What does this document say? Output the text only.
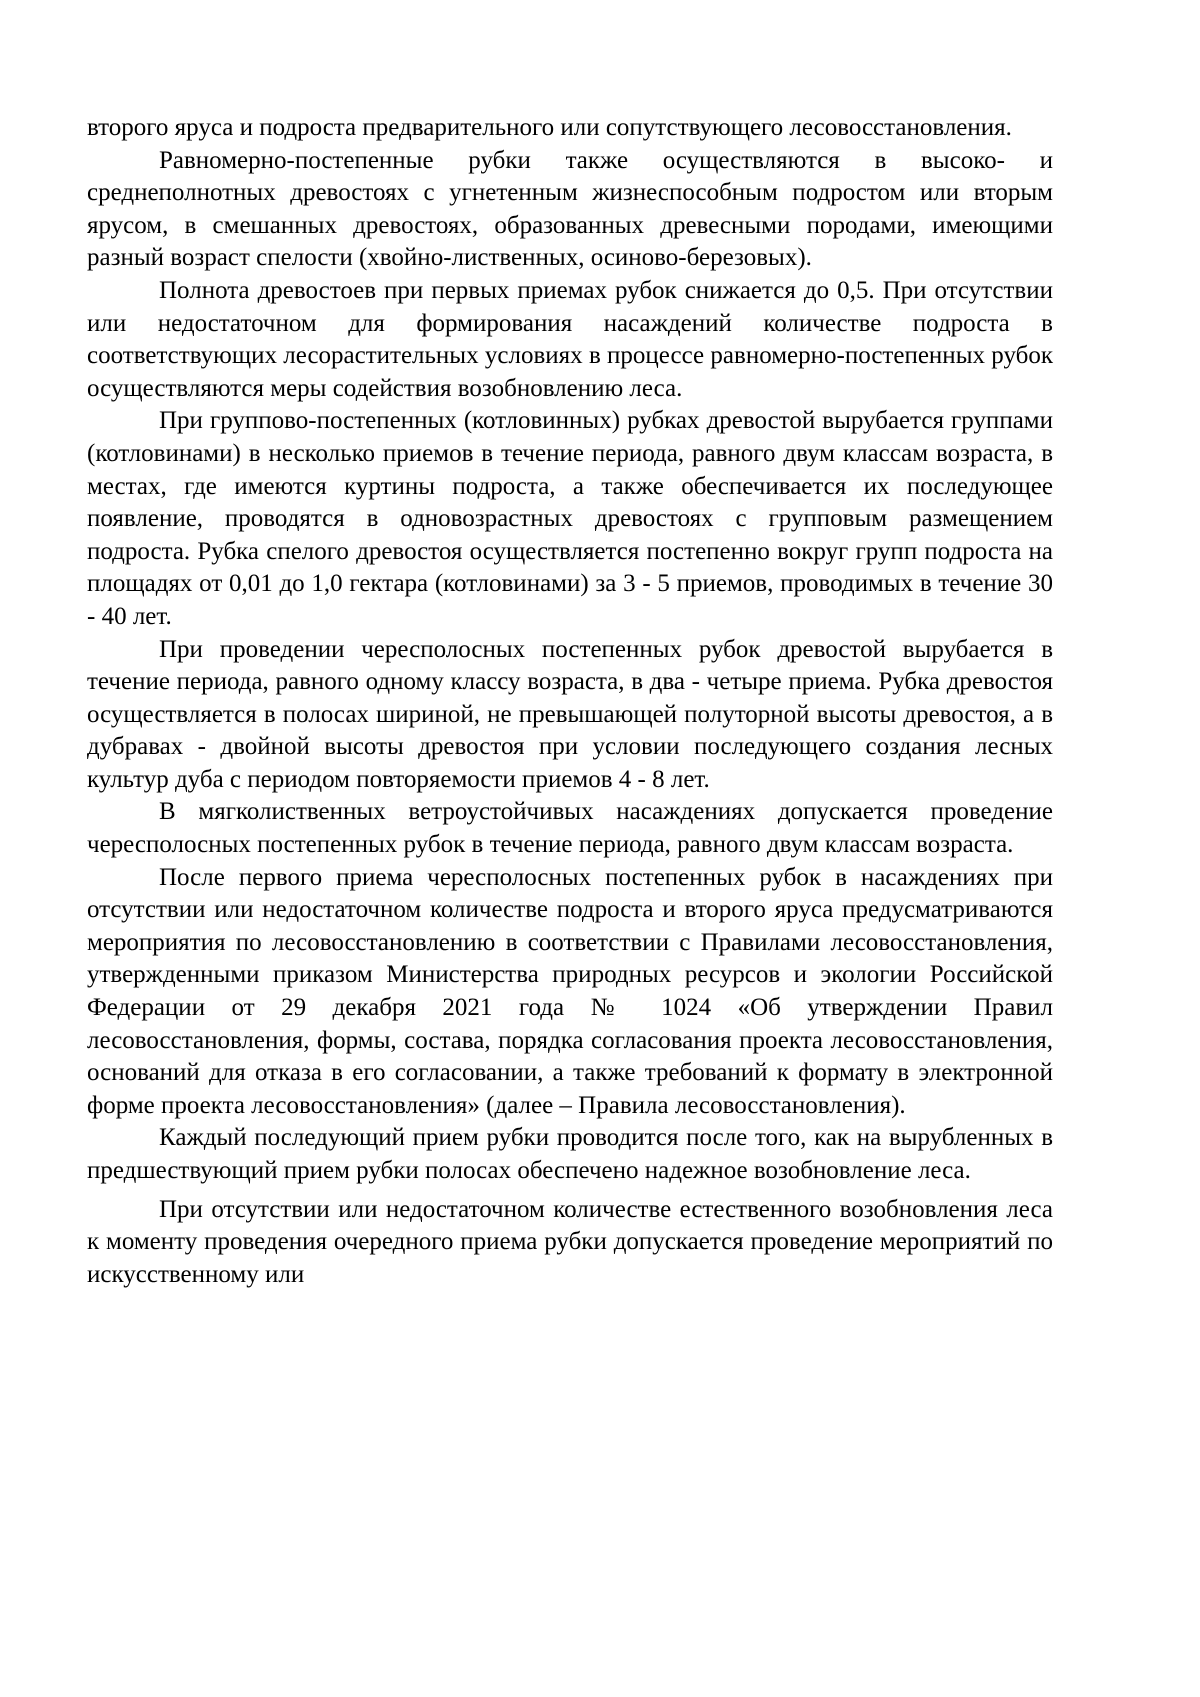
второго яруса и подроста предварительного или сопутствующего лесовосстановления.

Равномерно-постепенные рубки также осуществляются в высоко- и среднеполнотных древостоях с угнетенным жизнеспособным подростом или вторым ярусом, в смешанных древостоях, образованных древесными породами, имеющими разный возраст спелости (хвойно-лиственных, осиново-березовых).

Полнота древостоев при первых приемах рубок снижается до 0,5. При отсутствии или недостаточном для формирования насаждений количестве подроста в соответствующих лесорастительных условиях в процессе равномерно-постепенных рубок осуществляются меры содействия возобновлению леса.

При группово-постепенных (котловинных) рубках древостой вырубается группами (котловинами) в несколько приемов в течение периода, равного двум классам возраста, в местах, где имеются куртины подроста, а также обеспечивается их последующее появление, проводятся в одновозрастных древостоях с групповым размещением подроста. Рубка спелого древостоя осуществляется постепенно вокруг групп подроста на площадях от 0,01 до 1,0 гектара (котловинами) за 3 - 5 приемов, проводимых в течение 30 - 40 лет.

При проведении чересполосных постепенных рубок древостой вырубается в течение периода, равного одному классу возраста, в два - четыре приема. Рубка древостоя осуществляется в полосах шириной, не превышающей полуторной высоты древостоя, а в дубравах - двойной высоты древостоя при условии последующего создания лесных культур дуба с периодом повторяемости приемов 4 - 8 лет.

В мягколиственных ветроустойчивых насаждениях допускается проведение чересполосных постепенных рубок в течение периода, равного двум классам возраста.

После первого приема чересполосных постепенных рубок в насаждениях при отсутствии или недостаточном количестве подроста и второго яруса предусматриваются мероприятия по лесовосстановлению в соответствии с Правилами лесовосстановления, утвержденными приказом Министерства природных ресурсов и экологии Российской Федерации от 29 декабря 2021 года № 1024 «Об утверждении Правил лесовосстановления, формы, состава, порядка согласования проекта лесовосстановления, оснований для отказа в его согласовании, а также требований к формату в электронной форме проекта лесовосстановления» (далее – Правила лесовосстановления).

Каждый последующий прием рубки проводится после того, как на вырубленных в предшествующий прием рубки полосах обеспечено надежное возобновление леса.

При отсутствии или недостаточном количестве естественного возобновления леса к моменту проведения очередного приема рубки допускается проведение мероприятий по искусственному или
